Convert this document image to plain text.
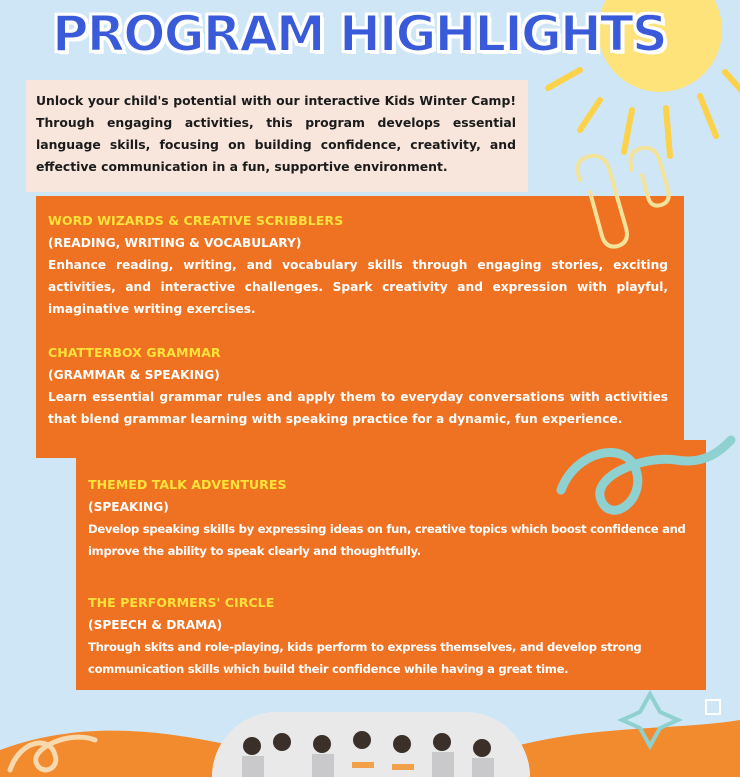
PROGRAM HIGHLIGHTS

Unlock your child's potential with our interactive Kids Winter Camp! Through engaging activities, this program develops essential language skills, focusing on building confidence, creativity, and effective communication in a fun, supportive environment.

WORD WIZARDS & CREATIVE SCRIBBLERS
(READING, WRITING & VOCABULARY)

Enhance reading, writing, and vocabulary skills through engaging stories, exciting activities, and interactive challenges. Spark creativity and expression with playful, imaginative writing exercises.

CHATTERBOX GRAMMAR
(GRAMMAR & SPEAKING)

Learn essential grammar rules and apply them to everyday conversations with activities that blend grammar learning with speaking practice for a dynamic, fun experience.

THEMED TALK ADVENTURES
(SPEAKING)

Develop speaking skills by expressing ideas on fun, creative topics which boost confidence and improve the ability to speak clearly and thoughtfully.

THE PERFORMERS' CIRCLE
(SPEECH & DRAMA)

Through skits and role-playing, kids perform to express themselves, and develop strong communication skills which build their confidence while having a great time.
